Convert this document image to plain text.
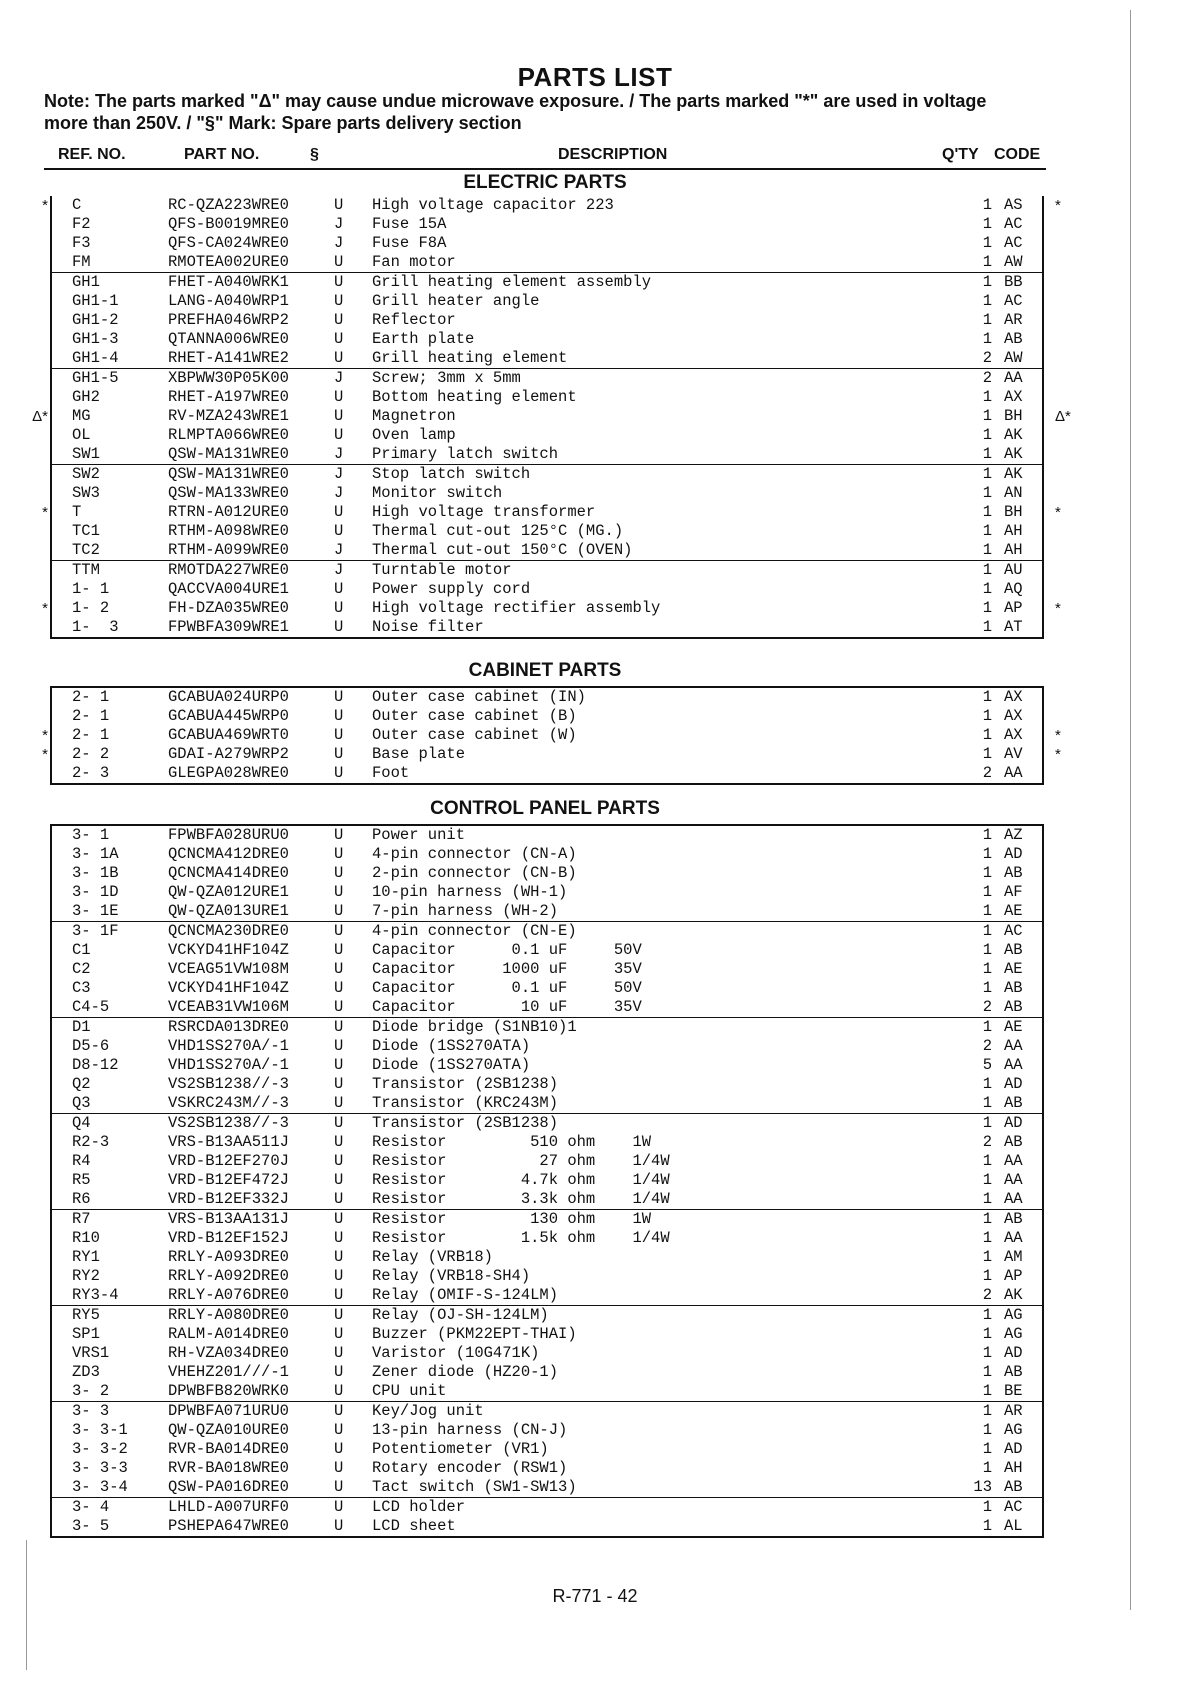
PARTS LIST
Note: The parts marked "Δ" may cause undue microwave exposure. / The parts marked "*" are used in voltage more than 250V. / "§" Mark: Spare parts delivery section
REF. NO.	PART NO.	§	DESCRIPTION	Q'TY CODE
ELECTRIC PARTS
C	RC-QZA223WRE0	U High voltage capacitor 223	1 AS
*	*
F2	QFS-B0019MRE0	J Fuse 15A	1 AC
F3	QFS-CA024WRE0	J Fuse F8A	1 AC
FM	RMOTEA002URE0	U Fan motor	1 AW
GH1	FHET-A040WRK1	U Grill heating element assembly	1 BB
GH1-1	LANG-A040WRP1	U Grill heater angle	1 AC
GH1-2	PREFHA046WRP2	U Reflector	1 AR
GH1-3	QTANNA006WRE0	U Earth plate	1 AB
GH1-4	RHET-A141WRE2	U Grill heating element	2 AW
GH1-5	XBPWW30P05K00	J Screw; 3mm x 5mm	2 AA
GH2	RHET-A197WRE0	U Bottom heating element	1 AX
MG	RV-MZA243WRE1	U Magnetron	1 BH
Δ*	Δ*
OL	RLMPTA066WRE0	U Oven lamp	1 AK
SW1	QSW-MA131WRE0	J Primary latch switch	1 AK
SW2	QSW-MA131WRE0	J Stop latch switch	1 AK
SW3	QSW-MA133WRE0	J Monitor switch	1 AN
T	RTRN-A012URE0	U High voltage transformer	1 BH
*	*
TC1	RTHM-A098WRE0	U Thermal cut-out 125°C (MG.)	1 AH
TC2	RTHM-A099WRE0	J Thermal cut-out 150°C (OVEN)	1 AH
TTM	RMOTDA227WRE0	J Turntable motor	1 AU
1- 1	QACCVA004URE1	U Power supply cord	1 AQ
1- 2	FH-DZA035WRE0	U High voltage rectifier assembly	1 AP
*	*
1-  3	FPWBFA309WRE1	U Noise filter	1 AT
CABINET PARTS
2- 1	GCABUA024URP0	U Outer case cabinet (IN)	1 AX
2- 1	GCABUA445WRP0	U Outer case cabinet (B)	1 AX
2- 1	GCABUA469WRT0	U Outer case cabinet (W)	1 AX
*	*
2- 2	GDAI-A279WRP2	U Base plate	1 AV
*	*
2- 3	GLEGPA028WRE0	U Foot	2 AA
CONTROL PANEL PARTS
3- 1	FPWBFA028URU0	U Power unit	1 AZ
3- 1A	QCNCMA412DRE0	U 4-pin connector (CN-A)	1 AD
3- 1B	QCNCMA414DRE0	U 2-pin connector (CN-B)	1 AB
3- 1D	QW-QZA012URE1	U 10-pin harness (WH-1)	1 AF
3- 1E	QW-QZA013URE1	U 7-pin harness (WH-2)	1 AE
3- 1F	QCNCMA230DRE0	U 4-pin connector (CN-E)	1 AC
C1	VCKYD41HF104Z	U Capacitor      0.1 uF     50V	1 AB
C2	VCEAG51VW108M	U Capacitor     1000 uF     35V	1 AE
C3	VCKYD41HF104Z	U Capacitor      0.1 uF     50V	1 AB
C4-5	VCEAB31VW106M	U Capacitor       10 uF     35V	2 AB
D1	RSRCDA013DRE0	U Diode bridge (S1NB10)1	1 AE
D5-6	VHD1SS270A/-1	U Diode (1SS270ATA)	2 AA
D8-12	VHD1SS270A/-1	U Diode (1SS270ATA)	5 AA
Q2	VS2SB1238//-3	U Transistor (2SB1238)	1 AD
Q3	VSKRC243M//-3	U Transistor (KRC243M)	1 AB
Q4	VS2SB1238//-3	U Transistor (2SB1238)	1 AD
R2-3	VRS-B13AA511J	U Resistor         510 ohm    1W	2 AB
R4	VRD-B12EF270J	U Resistor          27 ohm    1/4W	1 AA
R5	VRD-B12EF472J	U Resistor        4.7k ohm    1/4W	1 AA
R6	VRD-B12EF332J	U Resistor        3.3k ohm    1/4W	1 AA
R7	VRS-B13AA131J	U Resistor         130 ohm    1W	1 AB
R10	VRD-B12EF152J	U Resistor        1.5k ohm    1/4W	1 AA
RY1	RRLY-A093DRE0	U Relay (VRB18)	1 AM
RY2	RRLY-A092DRE0	U Relay (VRB18-SH4)	1 AP
RY3-4	RRLY-A076DRE0	U Relay (OMIF-S-124LM)	2 AK
RY5	RRLY-A080DRE0	U Relay (OJ-SH-124LM)	1 AG
SP1	RALM-A014DRE0	U Buzzer (PKM22EPT-THAI)	1 AG
VRS1	RH-VZA034DRE0	U Varistor (10G471K)	1 AD
ZD3	VHEHZ201///-1	U Zener diode (HZ20-1)	1 AB
3- 2	DPWBFB820WRK0	U CPU unit	1 BE
3- 3	DPWBFA071URU0	U Key/Jog unit	1 AR
3- 3-1	QW-QZA010URE0	U 13-pin harness (CN-J)	1 AG
3- 3-2	RVR-BA014DRE0	U Potentiometer (VR1)	1 AD
3- 3-3	RVR-BA018WRE0	U Rotary encoder (RSW1)	1 AH
3- 3-4	QSW-PA016DRE0	U Tact switch (SW1-SW13)	13 AB
3- 4	LHLD-A007URF0	U LCD holder	1 AC
3- 5	PSHEPA647WRE0	U LCD sheet	1 AL
R-771 - 42
